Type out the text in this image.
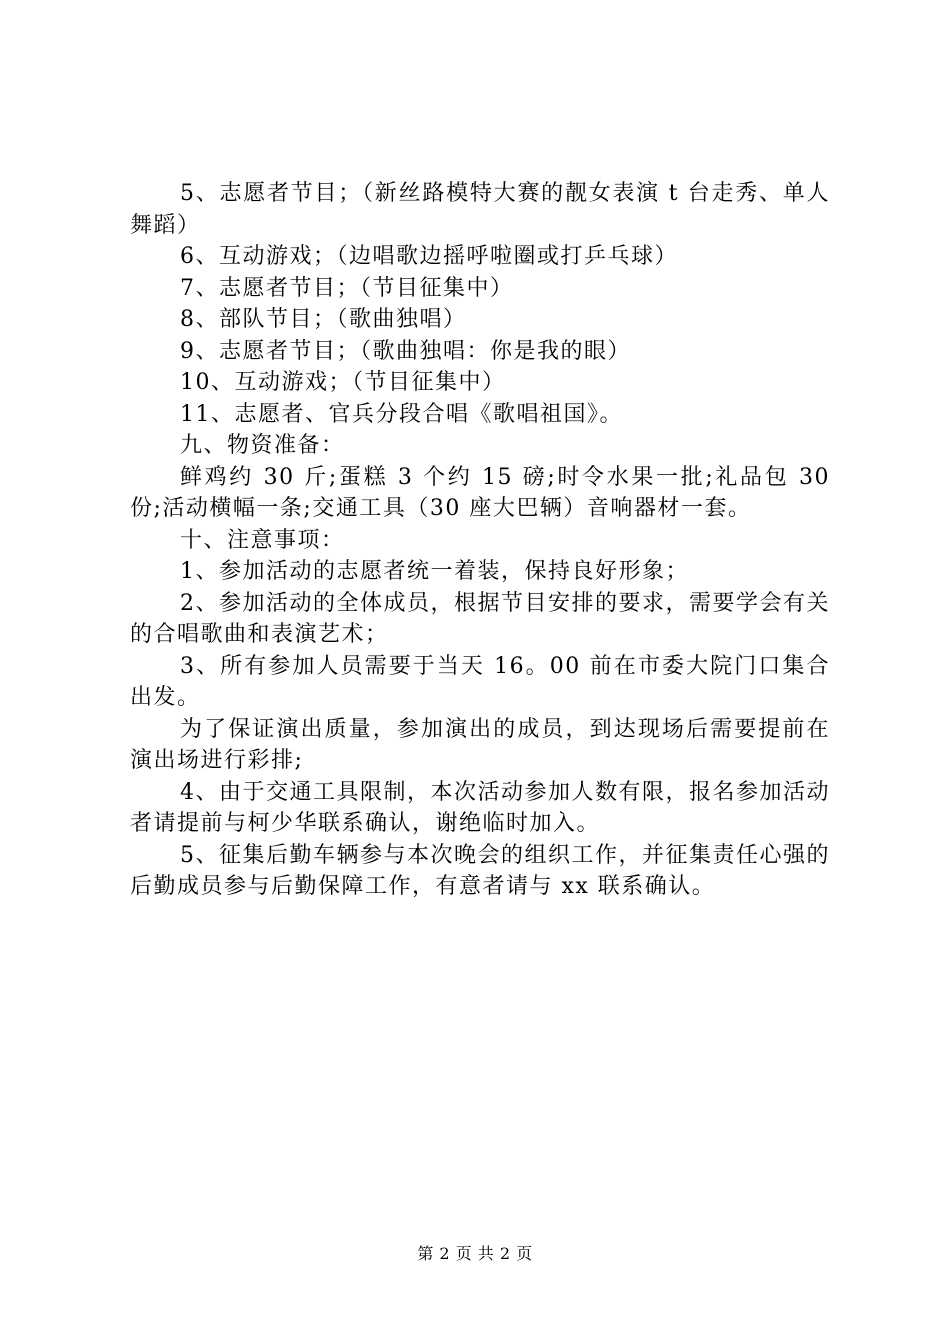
5、志愿者节目；（新丝路模特大赛的靓女表演 t 台走秀、单人舞蹈）

6、互动游戏；（边唱歌边摇呼啦圈或打乒乓球）

7、志愿者节目；（节目征集中）

8、部队节目；（歌曲独唱）

9、志愿者节目；（歌曲独唱：你是我的眼）

10、互动游戏；（节目征集中）

11、志愿者、官兵分段合唱《歌唱祖国》。

九、物资准备：

鲜鸡约 30 斤;蛋糕 3 个约 15 磅;时令水果一批;礼品包 30 份;活动横幅一条;交通工具（30 座大巴辆）音响器材一套。

十、注意事项：

1、参加活动的志愿者统一着装，保持良好形象；

2、参加活动的全体成员，根据节目安排的要求，需要学会有关的合唱歌曲和表演艺术；

3、所有参加人员需要于当天 16。00 前在市委大院门口集合出发。

为了保证演出质量，参加演出的成员，到达现场后需要提前在演出场进行彩排;

4、由于交通工具限制，本次活动参加人数有限，报名参加活动者请提前与柯少华联系确认，谢绝临时加入。

5、征集后勤车辆参与本次晚会的组织工作，并征集责任心强的后勤成员参与后勤保障工作，有意者请与 xx 联系确认。

第 2 页 共 2 页
